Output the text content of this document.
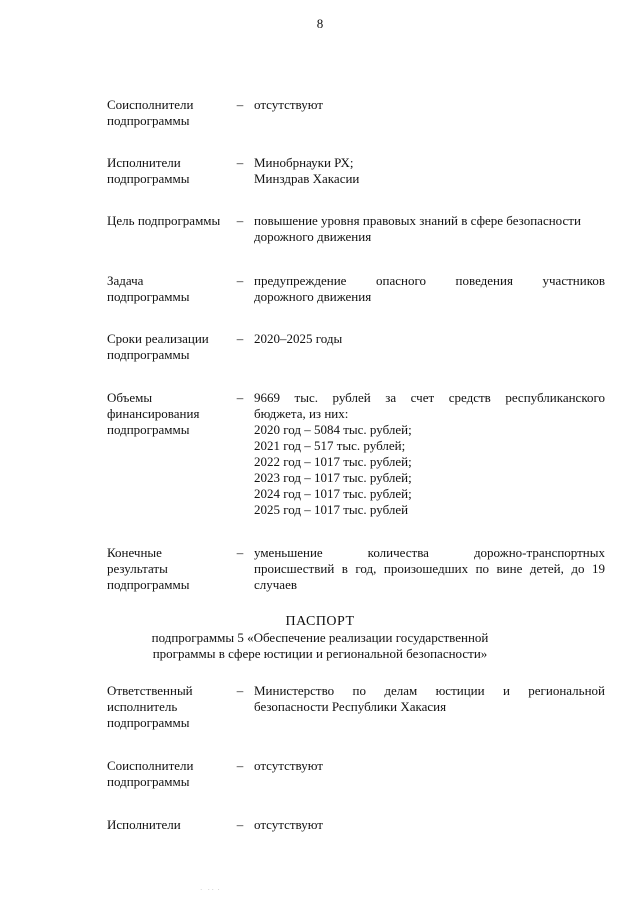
8
Соисполнители
подпрограммы
– отсутствуют
Исполнители
подпрограммы
– Минобрнауки РХ;
Минздрав Хакасии
Цель подпрограммы	– повышение уровня правовых знаний в сфере безопасности
дорожного движения
Задача
подпрограммы
– предупреждение опасного поведения участников
дорожного движения
Сроки реализации
подпрограммы
– 2020–2025 годы
Объемы
финансирования
подпрограммы
– 9669 тыс. рублей за счет средств республиканского
бюджета, из них:
2020 год – 5084 тыс. рублей;
2021 год – 517 тыс. рублей;
2022 год – 1017 тыс. рублей;
2023 год – 1017 тыс. рублей;
2024 год – 1017 тыс. рублей;
2025 год – 1017 тыс. рублей
Конечные
результаты
подпрограммы
– уменьшение количества дорожно-транспортных
происшествий в год, произошедших по вине детей, до 19
случаев
ПАСПОРТ
подпрограммы 5 «Обеспечение реализации государственной
программы в сфере юстиции и региональной безопасности»
Ответственный
исполнитель
подпрограммы
– Министерство по делам юстиции и региональной
безопасности Республики Хакасия
Соисполнители
подпрограммы
– отсутствуют
Исполнители	– отсутствуют
·   · ·  ·
